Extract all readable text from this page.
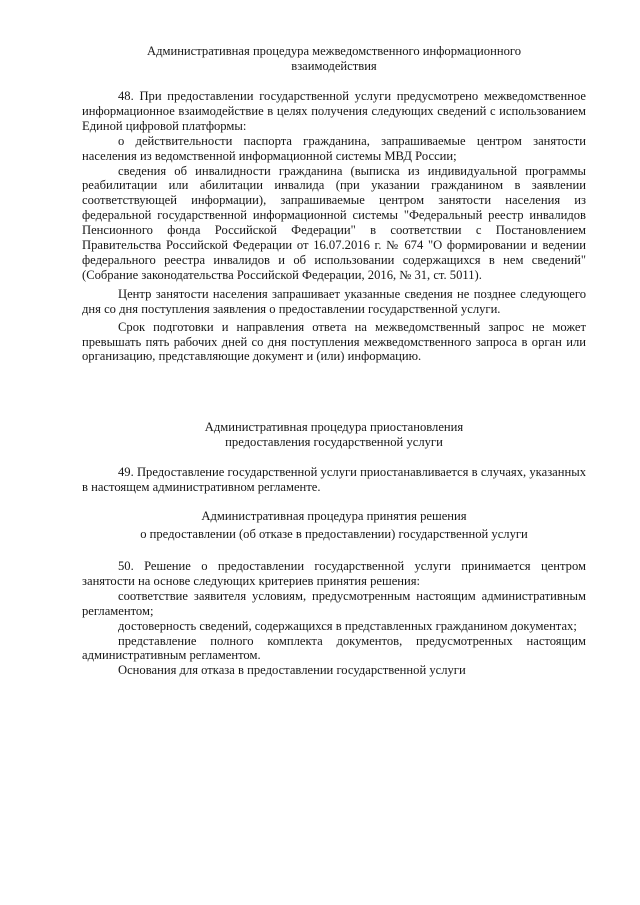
Административная процедура межведомственного информационного взаимодействия

48. При предоставлении государственной услуги предусмотрено межведомственное информационное взаимодействие в целях получения следующих сведений с использованием Единой цифровой платформы:

о действительности паспорта гражданина, запрашиваемые центром занятости населения из ведомственной информационной системы МВД России;

сведения об инвалидности гражданина (выписка из индивидуальной программы реабилитации или абилитации инвалида (при указании гражданином в заявлении соответствующей информации), запрашиваемые центром занятости населения из федеральной государственной информационной системы "Федеральный реестр инвалидов Пенсионного фонда Российской Федерации" в соответствии с Постановлением Правительства Российской Федерации от 16.07.2016 г. № 674 "О формировании и ведении федерального реестра инвалидов и об использовании содержащихся в нем сведений" (Собрание законодательства Российской Федерации, 2016, № 31, ст. 5011).

Центр занятости населения запрашивает указанные сведения не позднее следующего дня со дня поступления заявления о предоставлении государственной услуги.

Срок подготовки и направления ответа на межведомственный запрос не может превышать пять рабочих дней со дня поступления межведомственного запроса в орган или организацию, представляющие документ и (или) информацию.

Административная процедура приостановления

предоставления государственной услуги

49. Предоставление государственной услуги приостанавливается в случаях, указанных в настоящем административном регламенте.

Административная процедура принятия решения

о предоставлении (об отказе в предоставлении) государственной услуги

50. Решение о предоставлении государственной услуги принимается центром занятости на основе следующих критериев принятия решения:

соответствие заявителя условиям, предусмотренным настоящим административным регламентом;

достоверность сведений, содержащихся в представленных гражданином документах;

представление полного комплекта документов, предусмотренных настоящим административным регламентом.

Основания для отказа в предоставлении государственной услуги
